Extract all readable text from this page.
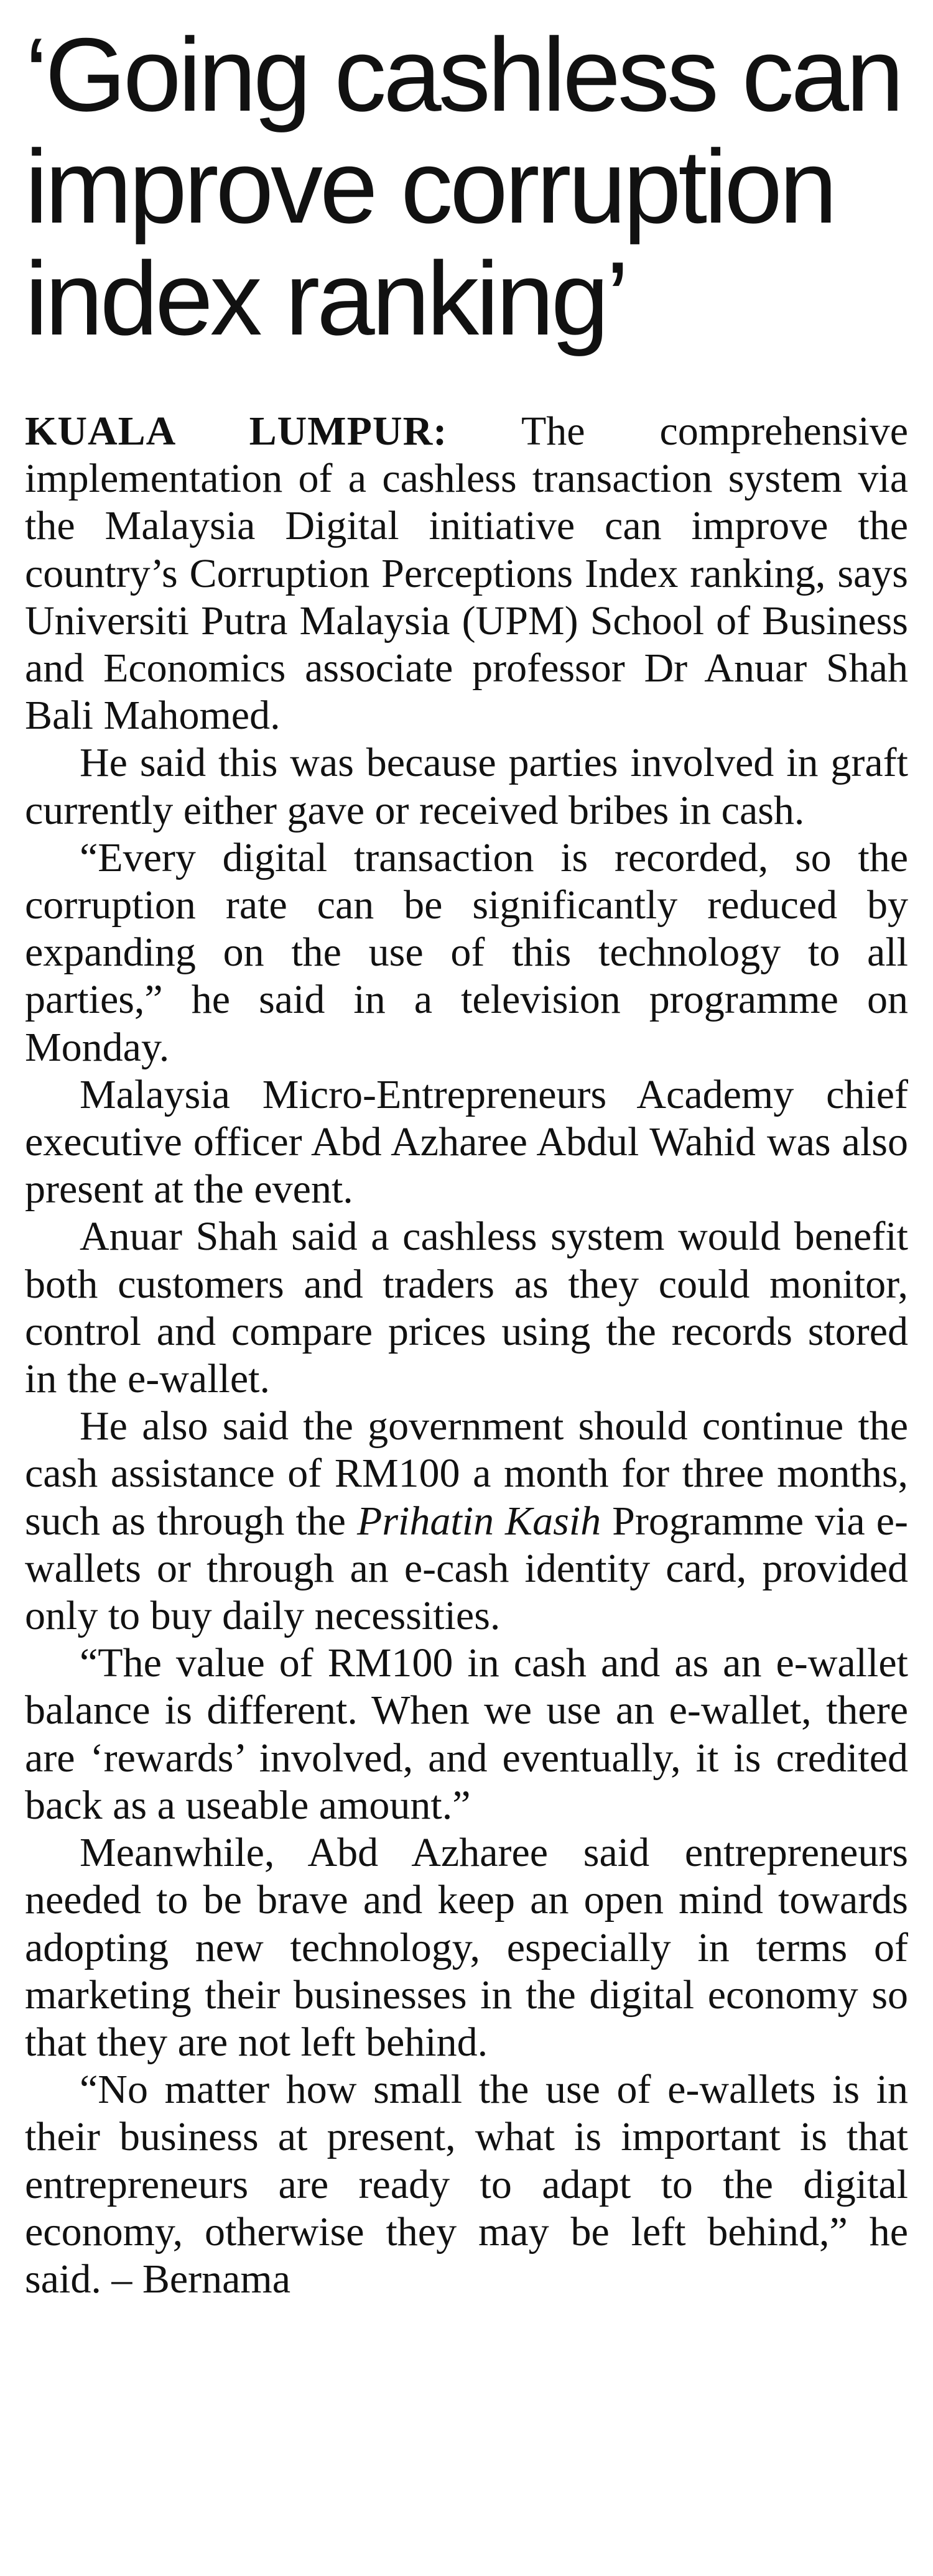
‘Going cashless can
improve corruption
index ranking’

KUALA LUMPUR: The comprehensive implementation of a cashless transaction system via the Malaysia Digital initiative can improve the country’s Corruption Perceptions Index ranking, says Universiti Putra Malaysia (UPM) School of Business and Economics associate professor Dr Anuar Shah Bali Mahomed.

He said this was because parties involved in graft currently either gave or received bribes in cash.

“Every digital transaction is recorded, so the corruption rate can be significantly reduced by expanding on the use of this technology to all parties,” he said in a television programme on Monday.

Malaysia Micro-Entrepreneurs Academy chief executive officer Abd Azharee Abdul Wahid was also present at the event.

Anuar Shah said a cashless system would benefit both customers and traders as they could monitor, control and compare prices using the records stored in the e-wallet.

He also said the government should continue the cash assistance of RM100 a month for three months, such as through the Prihatin Kasih Programme via e-wallets or through an e-cash identity card, provided only to buy daily necessities.

“The value of RM100 in cash and as an e-wallet balance is different. When we use an e-wallet, there are ‘rewards’ involved, and eventually, it is credited back as a useable amount.”

Meanwhile, Abd Azharee said entrepreneurs needed to be brave and keep an open mind towards adopting new technology, especially in terms of marketing their businesses in the digital economy so that they are not left behind.

“No matter how small the use of e-wallets is in their business at present, what is important is that entrepreneurs are ready to adapt to the digital economy, otherwise they may be left behind,” he said. – Bernama
